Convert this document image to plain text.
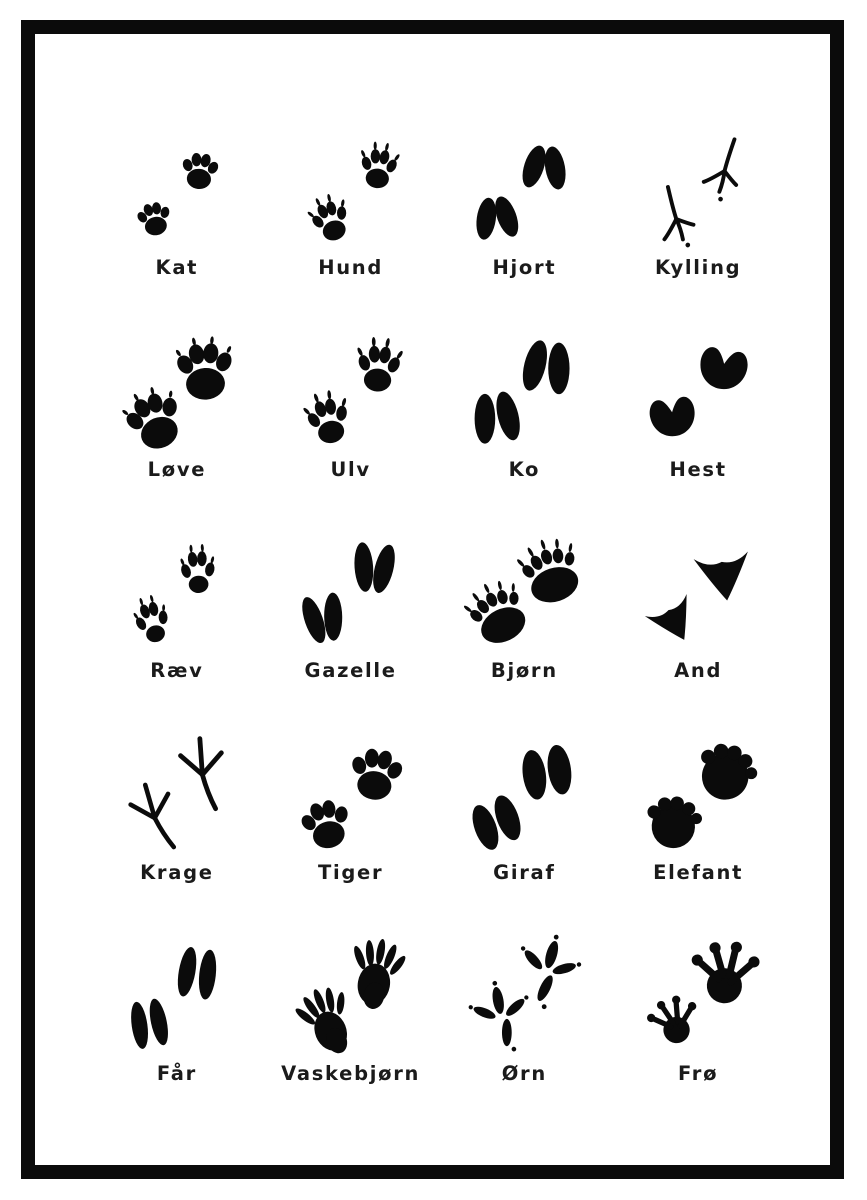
Kat	Hund	Hjort	Kylling
Løve	Ulv	Ko	Hest
Ræv	Gazelle	Bjørn	And
Krage	Tiger	Giraf	Elefant
Får	Vaskebjørn	Ørn	Frø
